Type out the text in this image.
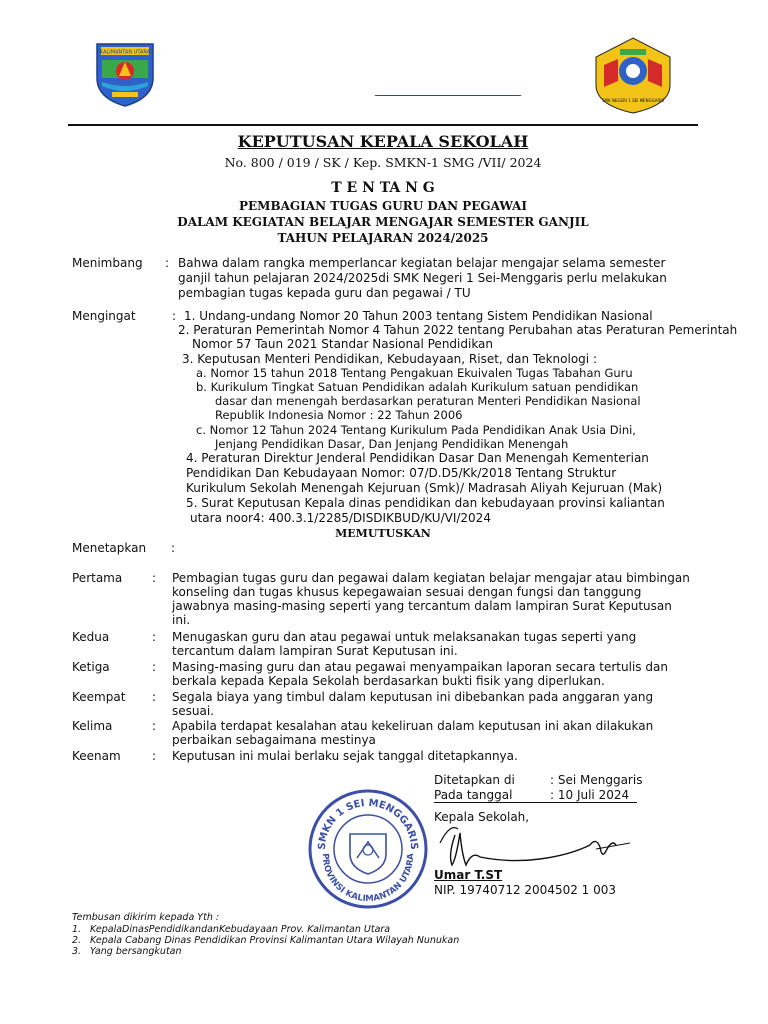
KALIMANTAN UTARA
SMK NEGERI 1 SEI MENGGARIS
KEPUTUSAN KEPALA SEKOLAH
No. 800 / 019 / SK / Kep. SMKN-1 SMG /VII/ 2024
T E N TA N G
PEMBAGIAN TUGAS GURU DAN PEGAWAI
DALAM KEGIATAN BELAJAR MENGAJAR SEMESTER GANJIL
TAHUN PELAJARAN 2024/2025
Menimbang : Bahwa dalam rangka memperlancar kegiatan belajar mengajar selama semester
ganjil tahun pelajaran 2024/2025di SMK Negeri 1 Sei-Menggaris perlu melakukan
pembagian tugas kepada guru dan pegawai / TU
Mengingat	: 1. Undang-undang Nomor 20 Tahun 2003 tentang Sistem Pendidikan Nasional
2. Peraturan Pemerintah Nomor 4 Tahun 2022 tentang Perubahan atas Peraturan Pemerintah
Nomor 57 Taun 2021 Standar Nasional Pendidikan
3. Keputusan Menteri Pendidikan, Kebudayaan, Riset, dan Teknologi :
a. Nomor 15 tahun 2018 Tentang Pengakuan Ekuivalen Tugas Tabahan Guru
b. Kurikulum Tingkat Satuan Pendidikan adalah Kurikulum satuan pendidikan
dasar dan menengah berdasarkan peraturan Menteri Pendidikan Nasional
Republik Indonesia Nomor : 22 Tahun 2006
c. Nomor 12 Tahun 2024 Tentang Kurikulum Pada Pendidikan Anak Usia Dini,
Jenjang Pendidikan Dasar, Dan Jenjang Pendidikan Menengah
4. Peraturan Direktur Jenderal Pendidikan Dasar Dan Menengah Kementerian
Pendidikan Dan Kebudayaan Nomor: 07/D.D5/Kk/2018 Tentang Struktur
Kurikulum Sekolah Menengah Kejuruan (Smk)/ Madrasah Aliyah Kejuruan (Mak)
5. Surat Keputusan Kepala dinas pendidikan dan kebudayaan provinsi kaliantan
utara noor4: 400.3.1/2285/DISDIKBUD/KU/VI/2024
MEMUTUSKAN
Menetapkan :
Pertama : Pembagian tugas guru dan pegawai dalam kegiatan belajar mengajar atau bimbingan
konseling dan tugas khusus kepegawaian sesuai dengan fungsi dan tanggung
jawabnya masing-masing seperti yang tercantum dalam lampiran Surat Keputusan
ini.
Kedua	: Menugaskan guru dan atau pegawai untuk melaksanakan tugas seperti yang
tercantum dalam lampiran Surat Keputusan ini.
Ketiga	: Masing-masing guru dan atau pegawai menyampaikan laporan secara tertulis dan
berkala kepada Kepala Sekolah berdasarkan bukti fisik yang diperlukan.
Keempat : Segala biaya yang timbul dalam keputusan ini dibebankan pada anggaran yang
sesuai.
Kelima	: Apabila terdapat kesalahan atau kekeliruan dalam keputusan ini akan dilakukan
perbaikan sebagaimana mestinya
Keenam	: Keputusan ini mulai berlaku sejak tanggal ditetapkannya.
Ditetapkan di	: Sei Menggaris
Pada tanggal	: 10 Juli 2024
Kepala Sekolah,
SMKN 1 SEI MENGGARIS
PROVINSI KALIMANTAN UTARA
Umar T.ST
NIP. 19740712 2004502 1 003
Tembusan dikirim kepada Yth :
1. KepalaDinasPendidikandanKebudayaan Prov. Kalimantan Utara
2. Kepala Cabang Dinas Pendidikan Provinsi Kalimantan Utara Wilayah Nunukan
3. Yang bersangkutan
